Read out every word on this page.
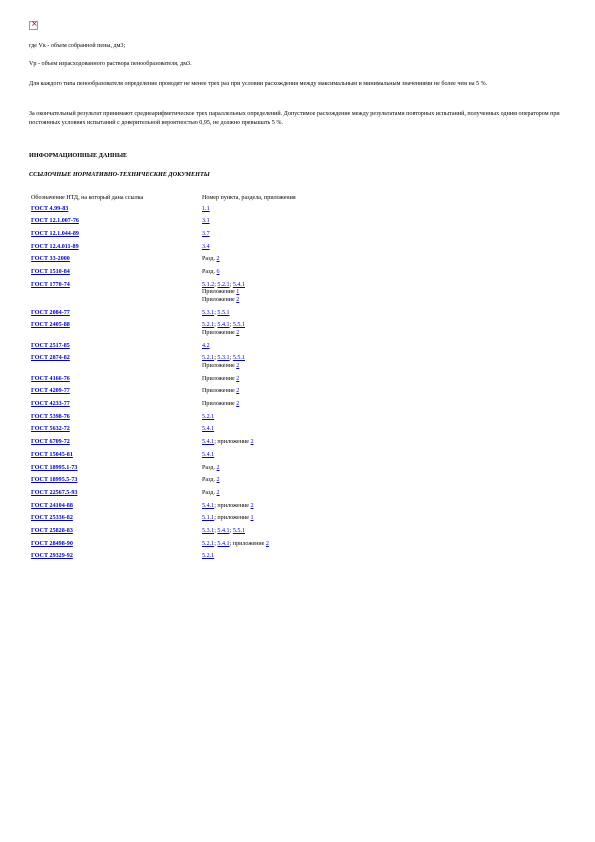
×
где Vк - объем собранной пены, дм3;
Vр - объем израсходованного раствора пенообразователя, дм3.
Для каждого типа пенообразователя определение проводят не менее трех раз при условии расхождения между максимальным и минимальным значениями не более чем на 5 %.
За окончательный результат принимают среднеарифметическое трех параллельных определений. Допустимое расхождение между результатами повторных испытаний, полученных одним оператором при постоянных условиях испытаний с доверительной вероятностью 0,95, не должно превышать 5 %.
ИНФОРМАЦИОННЫЕ ДАННЫЕ
ССЫЛОЧНЫЕ НОРМАТИВНО-ТЕХНИЧЕСКИЕ ДОКУМЕНТЫ
Обозначение НТД, на который дана ссылка	Номер пункта, раздела, приложения
ГОСТ 4.99-83	1.1
ГОСТ 12.1.007-76	3.1
ГОСТ 12.1.044-89	3.7
ГОСТ 12.4.011-89	3.4
ГОСТ 33-2000	Разд. 2
ГОСТ 1510-84	Разд. 6
ГОСТ 1770-74	5.1.2; 5.2.1; 5.4.1
Приложение 1
Приложение 2
ГОСТ 2084-77	5.3.1; 5.5.1
ГОСТ 2405-88	5.2.1; 5.4.1; 5.5.1
Приложение 2
ГОСТ 2517-85	4.2
ГОСТ 2874-82	5.2.1; 5.3.1; 5.5.1
Приложение 2
ГОСТ 4166-76	Приложение 2
ГОСТ 4209-77	Приложение 2
ГОСТ 4233-77	Приложение 2
ГОСТ 5398-76	5.2.1
ГОСТ 5632-72	5.4.1
ГОСТ 6709-72	5.4.1; приложение 2
ГОСТ 15045-81	5.4.1
ГОСТ 18995.1-73	Разд. 2
ГОСТ 18995.5-73	Разд. 2
ГОСТ 22567.5-93	Разд. 2
ГОСТ 24104-88	5.4.1; приложение 2
ГОСТ 25336-82	5.1.1; приложение 1
ГОСТ 25828-83	5.3.1; 5.4.1; 5.5.1
ГОСТ 28498-90	5.2.1; 5.4.1; приложение 2
ГОСТ 29329-92	5.2.1
